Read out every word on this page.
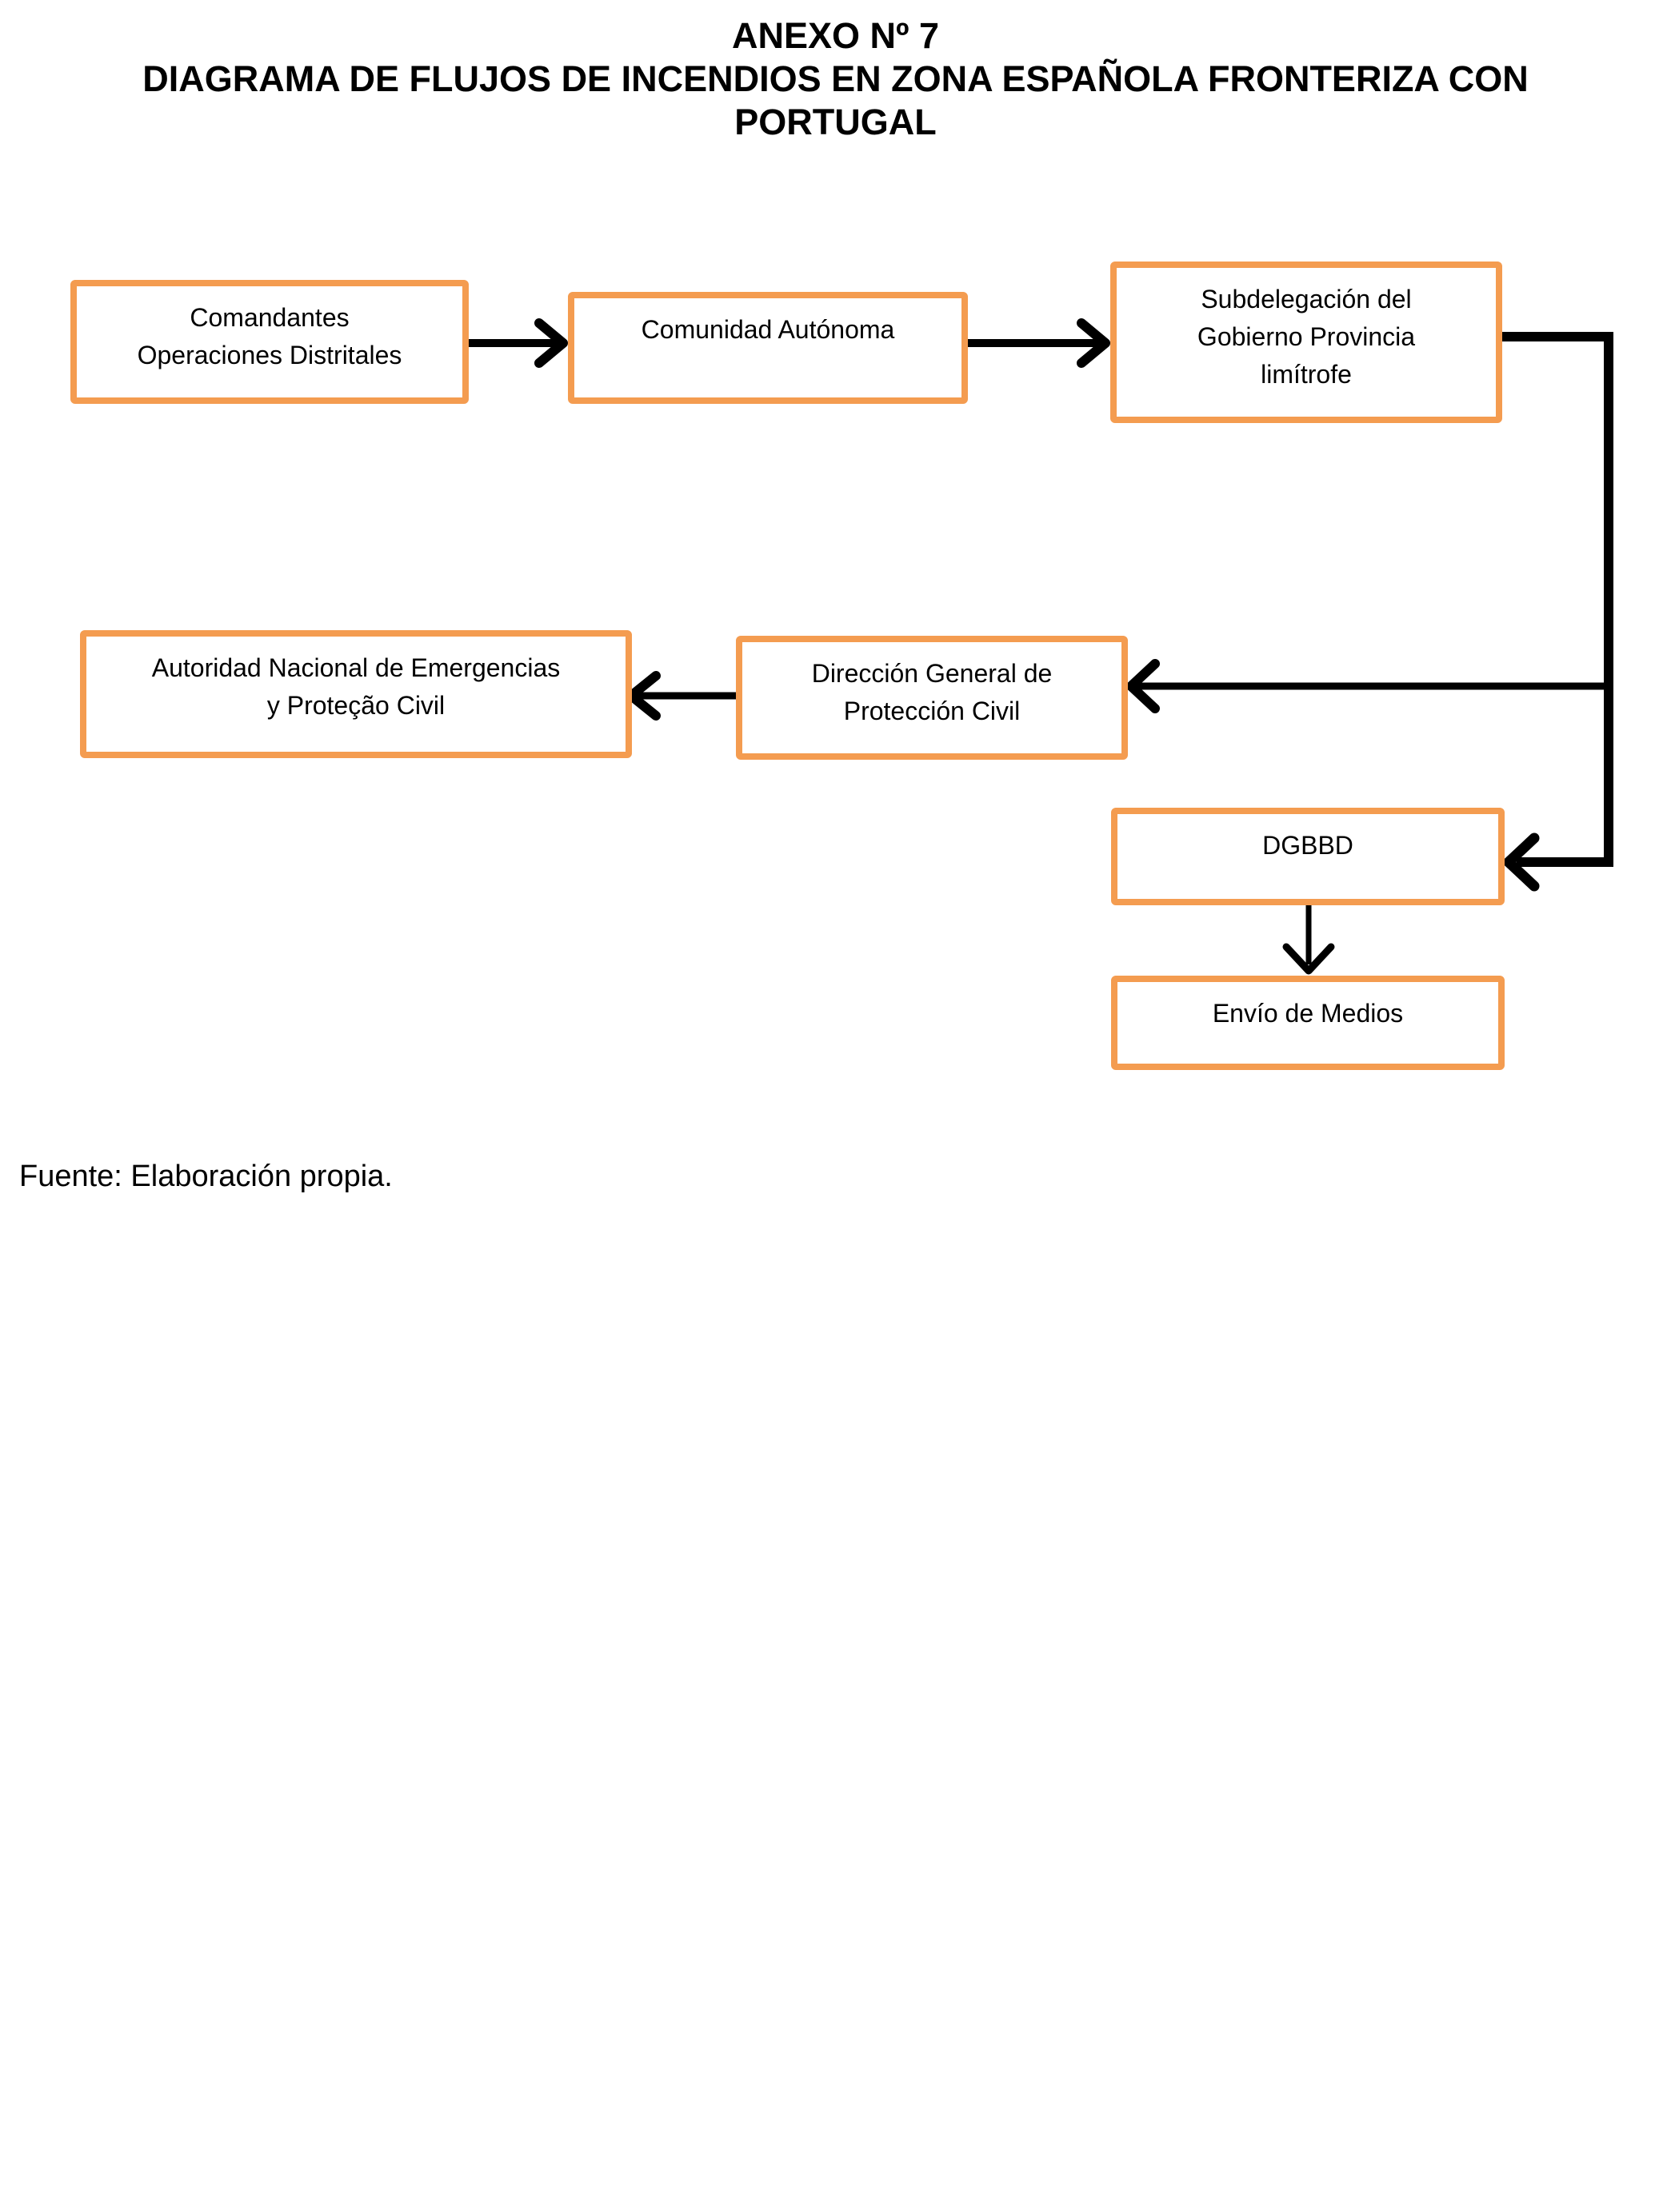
ANEXO Nº 7
DIAGRAMA DE FLUJOS DE INCENDIOS EN ZONA ESPAÑOLA FRONTERIZA CON
PORTUGAL
Comandantes
Operaciones Distritales
Comunidad Autónoma
Subdelegación del
Gobierno Provincia
limítrofe
Autoridad Nacional de Emergencias
y Proteção Civil
Dirección General de
Protección Civil
DGBBD
Envío de Medios
Fuente: Elaboración propia.
